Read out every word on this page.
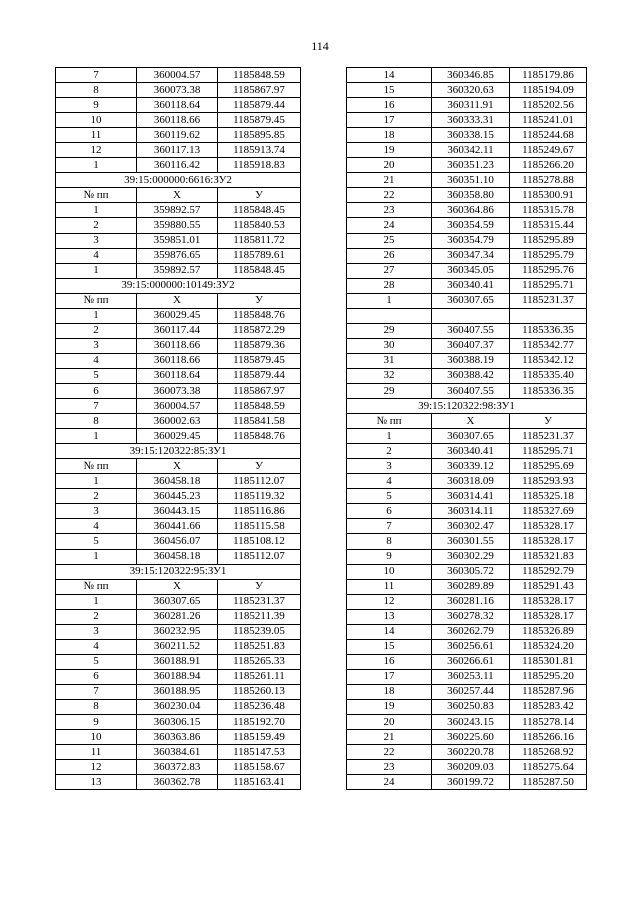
114
7	360004.57	1185848.59
8	360073.38	1185867.97
9	360118.64	1185879.44
10	360118.66	1185879.45
11	360119.62	1185895.85
12	360117.13	1185913.74
1	360116.42	1185918.83
39:15:000000:6616:ЗУ2		
№ пп	Х	У
1	359892.57	1185848.45
2	359880.55	1185840.53
3	359851.01	1185811.72
4	359876.65	1185789.61
1	359892.57	1185848.45
39:15:000000:10149:ЗУ2		
№ пп	Х	У
1	360029.45	1185848.76
2	360117.44	1185872.29
3	360118.66	1185879.36
4	360118.66	1185879.45
5	360118.64	1185879.44
6	360073.38	1185867.97
7	360004.57	1185848.59
8	360002.63	1185841.58
1	360029.45	1185848.76
39:15:120322:85:ЗУ1		
№ пп	Х	У
1	360458.18	1185112.07
2	360445.23	1185119.32
3	360443.15	1185116.86
4	360441.66	1185115.58
5	360456.07	1185108.12
1	360458.18	1185112.07
39:15:120322:95:ЗУ1		
№ пп	Х	У
1	360307.65	1185231.37
2	360281.26	1185211.39
3	360232.95	1185239.05
4	360211.52	1185251.83
5	360188.91	1185265.33
6	360188.94	1185261.11
7	360188.95	1185260.13
8	360230.04	1185236.48
9	360306.15	1185192.70
10	360363.86	1185159.49
11	360384.61	1185147.53
12	360372.83	1185158.67
13	360362.78	1185163.41
14	360346.85	1185179.86
15	360320.63	1185194.09
16	360311.91	1185202.56
17	360333.31	1185241.01
18	360338.15	1185244.68
19	360342.11	1185249.67
20	360351.23	1185266.20
21	360351.10	1185278.88
22	360358.80	1185300.91
23	360364.86	1185315.78
24	360354.59	1185315.44
25	360354.79	1185295.89
26	360347.34	1185295.79
27	360345.05	1185295.76
28	360340.41	1185295.71
1	360307.65	1185231.37

29	360407.55	1185336.35
30	360407.37	1185342.77
31	360388.19	1185342.12
32	360388.42	1185335.40
29	360407.55	1185336.35
39:15:120322:98:ЗУ1		
№ пп	Х	У
1	360307.65	1185231.37
2	360340.41	1185295.71
3	360339.12	1185295.69
4	360318.09	1185293.93
5	360314.41	1185325.18
6	360314.11	1185327.69
7	360302.47	1185328.17
8	360301.55	1185328.17
9	360302.29	1185321.83
10	360305.72	1185292.79
11	360289.89	1185291.43
12	360281.16	1185328.17
13	360278.32	1185328.17
14	360262.79	1185326.89
15	360256.61	1185324.20
16	360266.61	1185301.81
17	360253.11	1185295.20
18	360257.44	1185287.96
19	360250.83	1185283.42
20	360243.15	1185278.14
21	360225.60	1185266.16
22	360220.78	1185268.92
23	360209.03	1185275.64
24	360199.72	1185287.50
